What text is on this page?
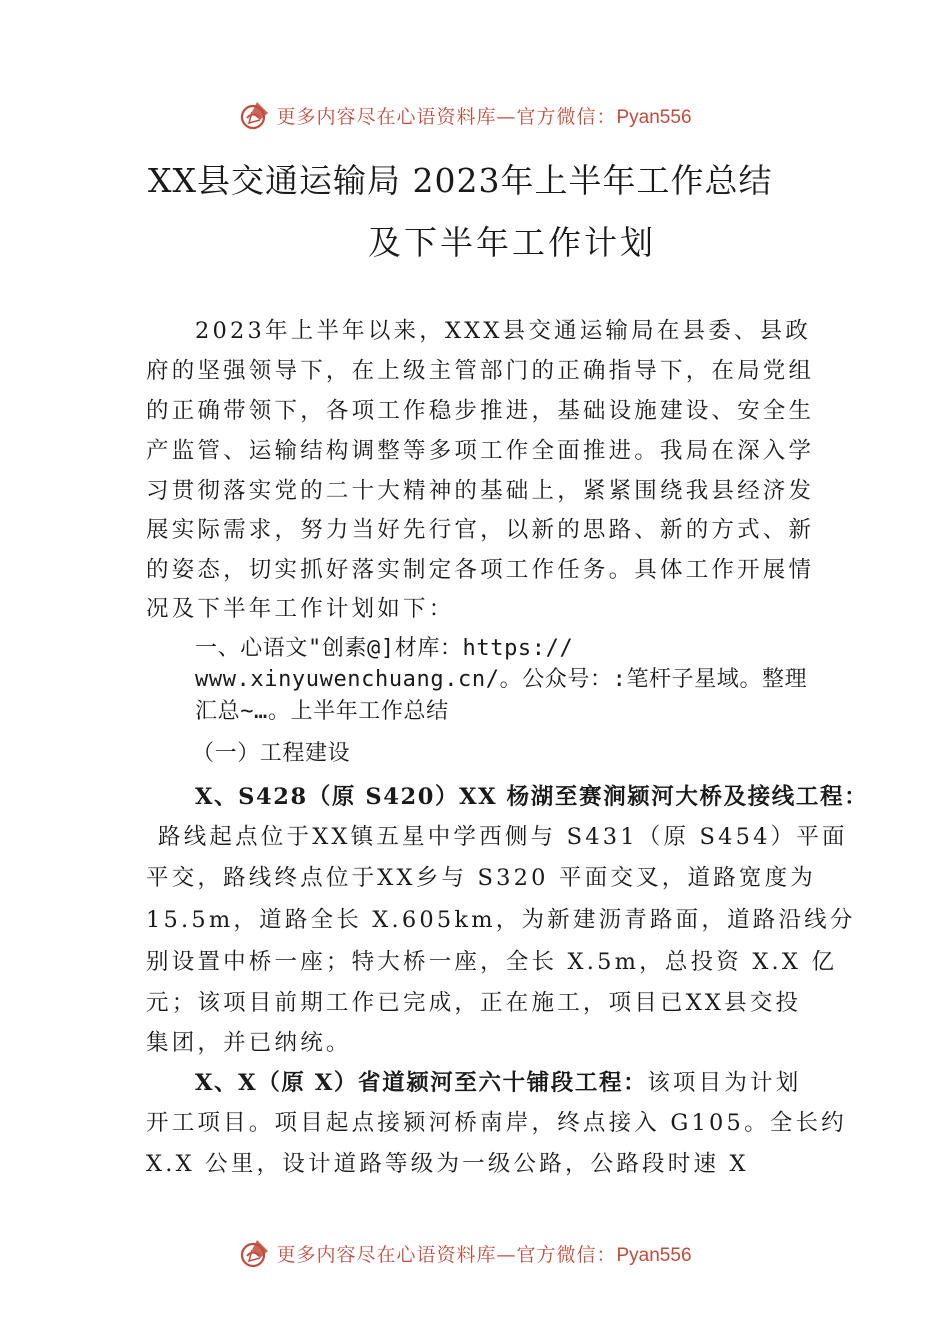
更多内容尽在心语资料库—官方微信：Pyan556
XX县交通运输局 2023年上半年工作总结
及下半年工作计划
2023年上半年以来，XXX县交通运输局在县委、县政
府的坚强领导下，在上级主管部门的正确指导下，在局党组
的正确带领下，各项工作稳步推进，基础设施建设、安全生
产监管、运输结构调整等多项工作全面推进。我局在深入学
习贯彻落实党的二十大精神的基础上，紧紧围绕我县经济发
展实际需求，努力当好先行官，以新的思路、新的方式、新
的姿态，切实抓好落实制定各项工作任务。具体工作开展情
况及下半年工作计划如下：
一、心语文"创素@]材库：https://
www.xinyuwenchuang.cn/。公众号：:笔杆子星域。整理
汇总~…。上半年工作总结
（一）工程建设
X、S428（原 S420）XX 杨湖至赛涧颍河大桥及接线工程：
路线起点位于XX镇五星中学西侧与 S431（原 S454）平面
平交，路线终点位于XX乡与 S320 平面交叉，道路宽度为
15.5m，道路全长 X.605km，为新建沥青路面，道路沿线分
别设置中桥一座；特大桥一座，全长 X.5m，总投资 X.X 亿
元；该项目前期工作已完成，正在施工，项目已XX县交投
集团，并已纳统。
X、X（原 X）省道颍河至六十铺段工程：该项目为计划
开工项目。项目起点接颍河桥南岸，终点接入 G105。全长约
X.X 公里，设计道路等级为一级公路，公路段时速 X
更多内容尽在心语资料库—官方微信：Pyan556
